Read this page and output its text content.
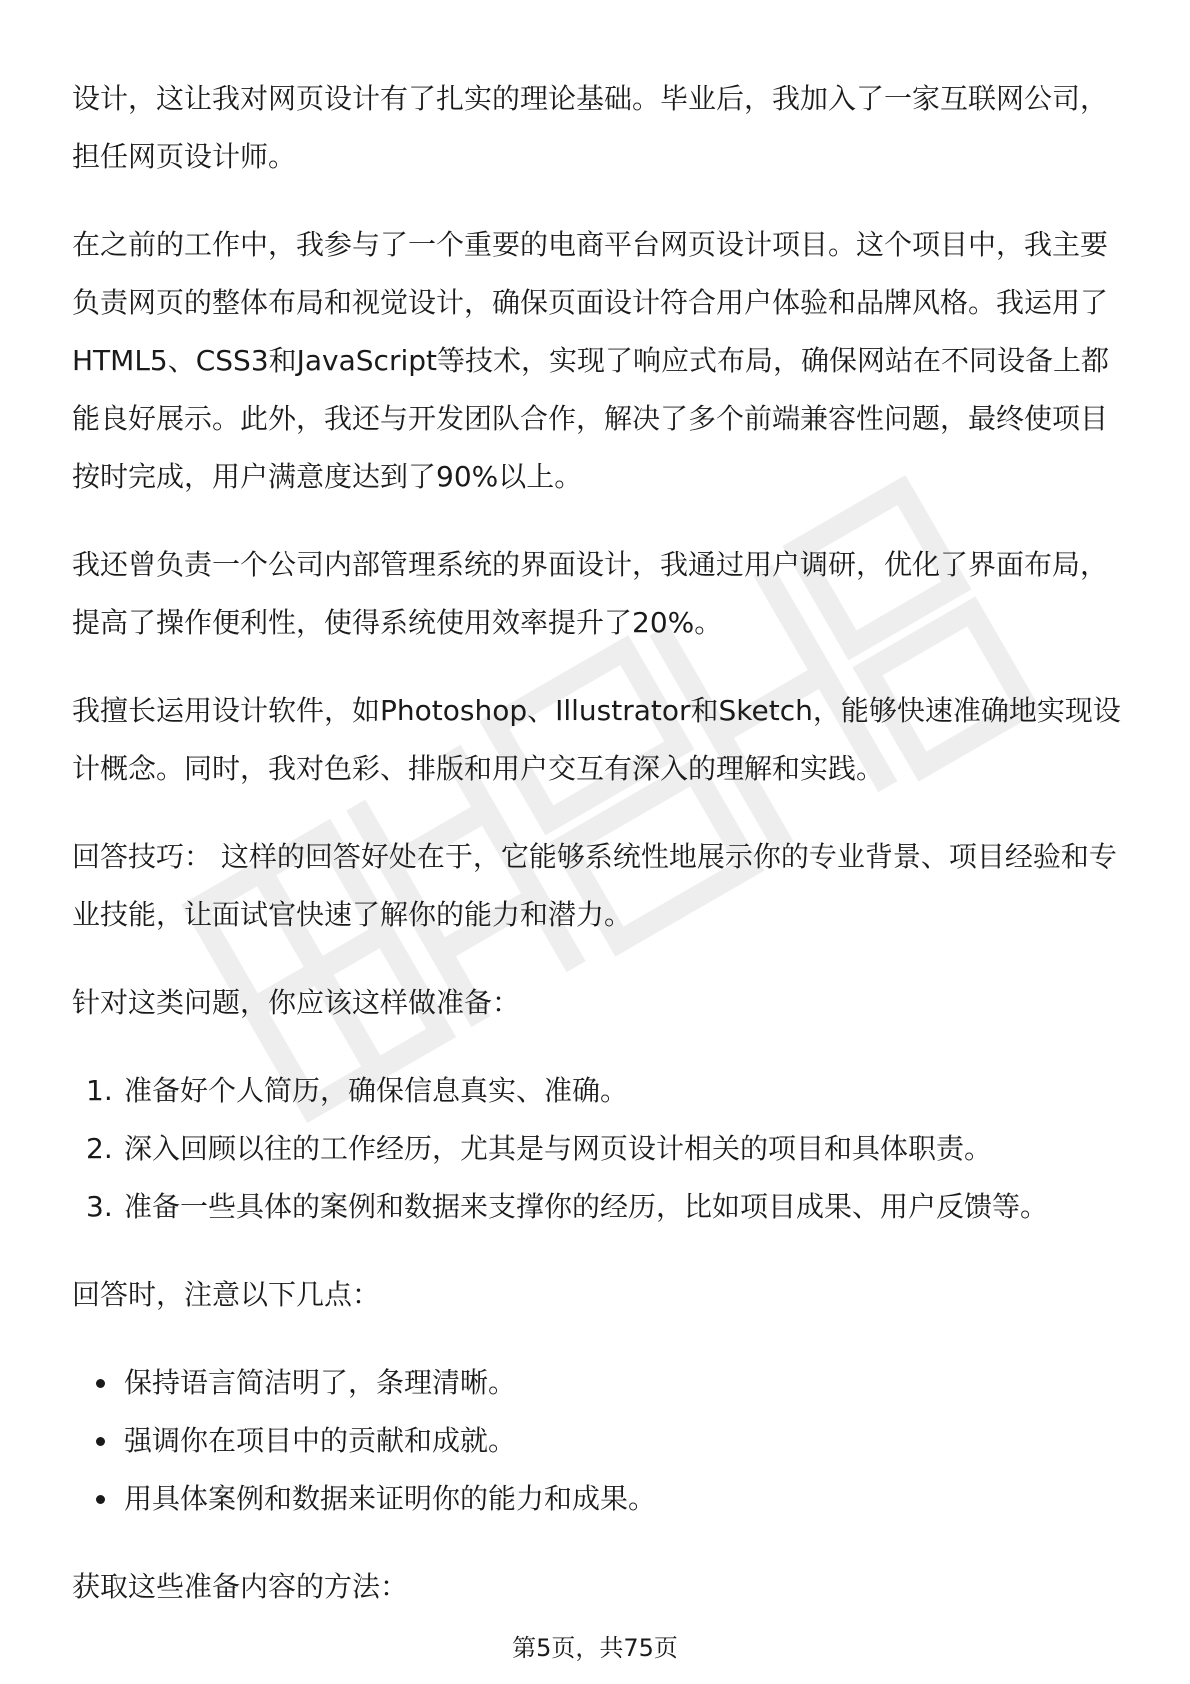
设计，这让我对网页设计有了扎实的理论基础。毕业后，我加入了一家互联网公司，担任网页设计师。

在之前的工作中，我参与了一个重要的电商平台网页设计项目。这个项目中，我主要负责网页的整体布局和视觉设计，确保页面设计符合用户体验和品牌风格。我运用了HTML5、CSS3和JavaScript等技术，实现了响应式布局，确保网站在不同设备上都能良好展示。此外，我还与开发团队合作，解决了多个前端兼容性问题，最终使项目按时完成，用户满意度达到了90%以上。

我还曾负责一个公司内部管理系统的界面设计，我通过用户调研，优化了界面布局，提高了操作便利性，使得系统使用效率提升了20%。

我擅长运用设计软件，如Photoshop、Illustrator和Sketch，能够快速准确地实现设计概念。同时，我对色彩、排版和用户交互有深入的理解和实践。

回答技巧： 这样的回答好处在于，它能够系统性地展示你的专业背景、项目经验和专业技能，让面试官快速了解你的能力和潜力。

针对这类问题，你应该这样做准备：

1. 准备好个人简历，确保信息真实、准确。
2. 深入回顾以往的工作经历，尤其是与网页设计相关的项目和具体职责。
3. 准备一些具体的案例和数据来支撑你的经历，比如项目成果、用户反馈等。

回答时，注意以下几点：

保持语言简洁明了，条理清晰。
强调你在项目中的贡献和成就。
用具体案例和数据来证明你的能力和成果。

获取这些准备内容的方法：

第5页，共75页
